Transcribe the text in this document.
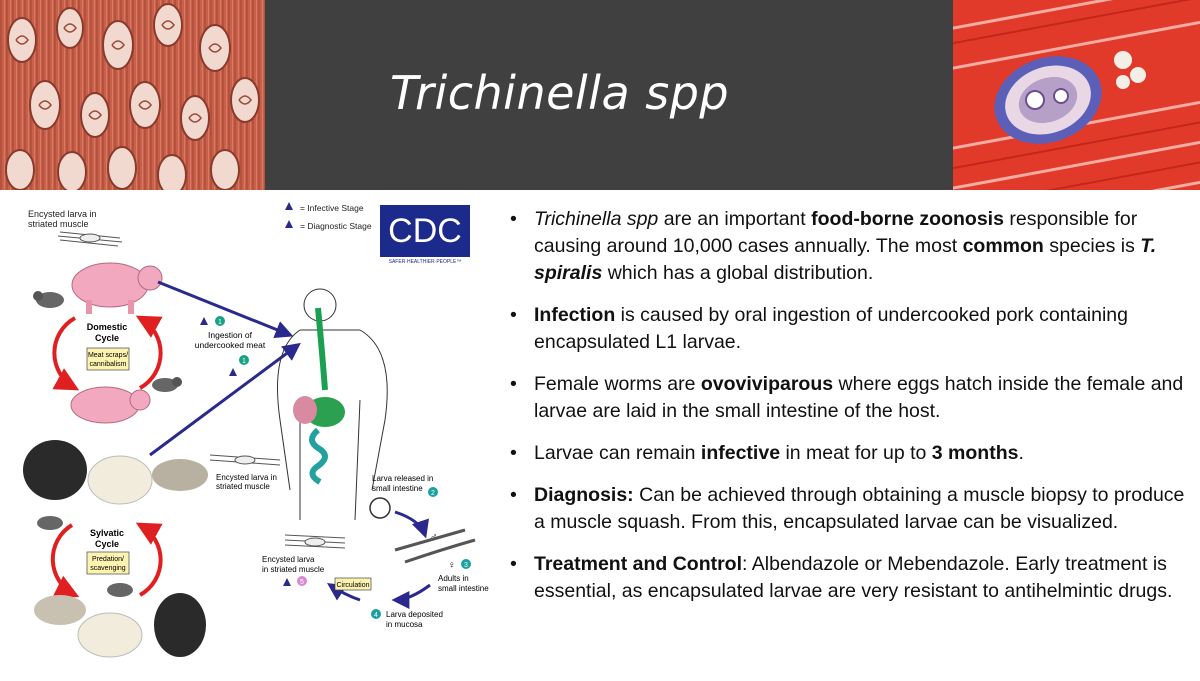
Trichinella spp
Encysted larva in
striated muscle
= Infective Stage
= Diagnostic Stage CDC
SAFER·HEALTHIER·PEOPLE™
Domestic
Cycle
Meat scraps/
cannibalism
1
Ingestion of
undercooked meat
1
Encysted larva in
striated muscle
Sylvatic
Cycle
Predation/
scavenging
Larva released in
small intestine
2
♂
♀ 3
Adults in
small intestine
4 Larva deposited
in mucosa
Circulation
Encysted larva
in striated muscle
5
• Trichinella spp are an important food-borne zoonosis responsible for causing around 10,000 cases annually. The most common species is T. spiralis which has a global distribution.
• Infection is caused by oral ingestion of undercooked pork containing encapsulated L1 larvae.
• Female worms are ovoviviparous where eggs hatch inside the female and larvae are laid in the small intestine of the host.
• Larvae can remain infective in meat for up to 3 months.
• Diagnosis: Can be achieved through obtaining a muscle biopsy to produce a muscle squash. From this, encapsulated larvae can be visualized.
• Treatment and Control: Albendazole or Mebendazole. Early treatment is essential, as encapsulated larvae are very resistant to antihelmintic drugs.
